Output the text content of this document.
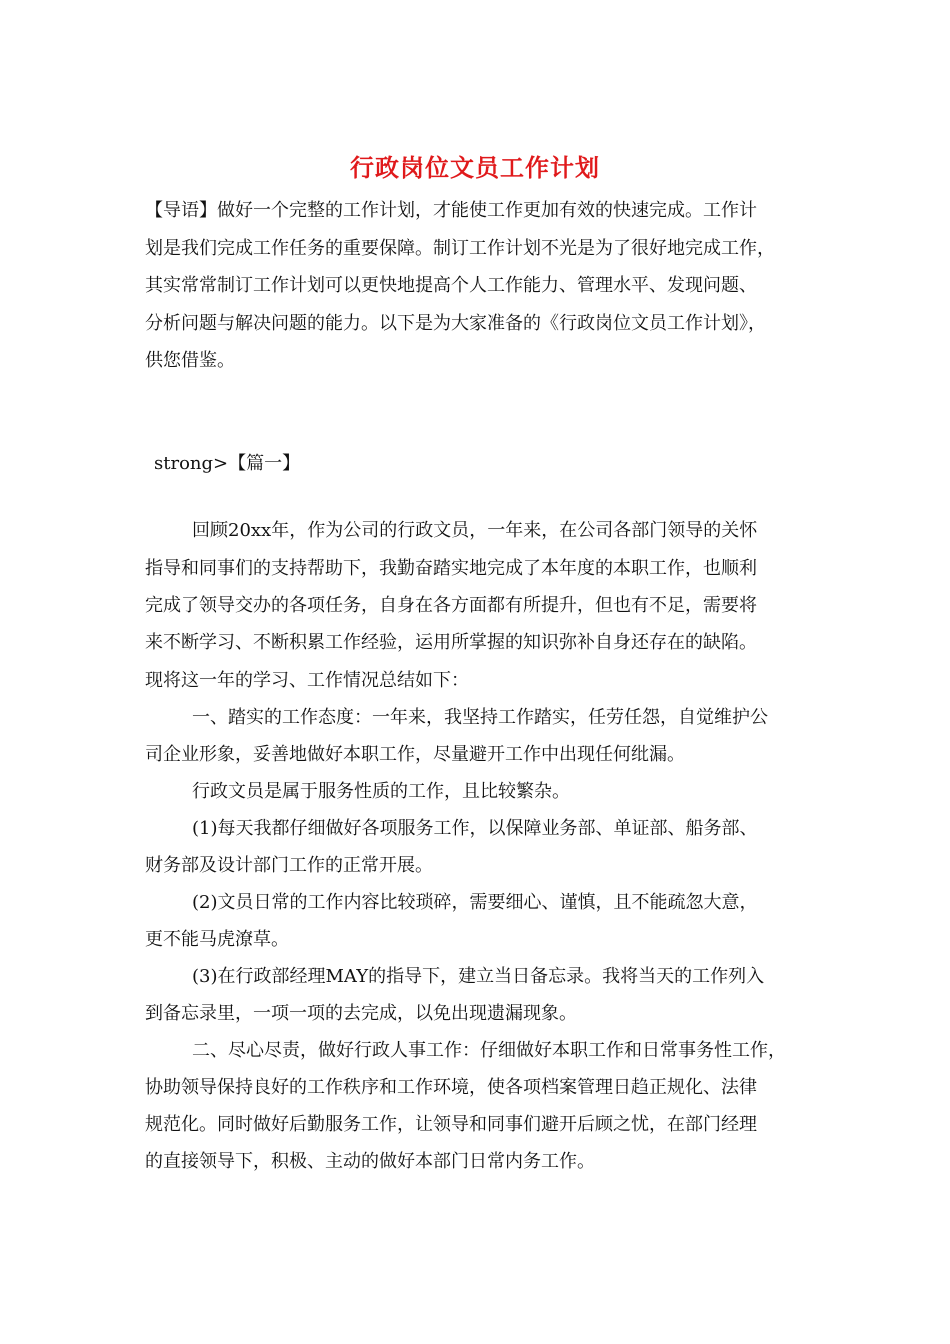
行政岗位文员工作计划
【导语】做好一个完整的工作计划，才能使工作更加有效的快速完成。工作计
划是我们完成工作任务的重要保障。制订工作计划不光是为了很好地完成工作，
其实常常制订工作计划可以更快地提高个人工作能力、管理水平、发现问题、
分析问题与解决问题的能力。以下是为大家准备的《行政岗位文员工作计划》，
供您借鉴。
strong>【篇一】
回顾20xx年，作为公司的行政文员，一年来，在公司各部门领导的关怀
指导和同事们的支持帮助下，我勤奋踏实地完成了本年度的本职工作，也顺利
完成了领导交办的各项任务，自身在各方面都有所提升，但也有不足，需要将
来不断学习、不断积累工作经验，运用所掌握的知识弥补自身还存在的缺陷。
现将这一年的学习、工作情况总结如下：
一、踏实的工作态度：一年来，我坚持工作踏实，任劳任怨，自觉维护公
司企业形象，妥善地做好本职工作，尽量避开工作中出现任何纰漏。
行政文员是属于服务性质的工作，且比较繁杂。
(1)每天我都仔细做好各项服务工作，以保障业务部、单证部、船务部、
财务部及设计部门工作的正常开展。
(2)文员日常的工作内容比较琐碎，需要细心、谨慎，且不能疏忽大意，
更不能马虎潦草。
(3)在行政部经理MAY的指导下，建立当日备忘录。我将当天的工作列入
到备忘录里，一项一项的去完成，以免出现遗漏现象。
二、尽心尽责，做好行政人事工作：仔细做好本职工作和日常事务性工作，
协助领导保持良好的工作秩序和工作环境，使各项档案管理日趋正规化、法律
规范化。同时做好后勤服务工作，让领导和同事们避开后顾之忧，在部门经理
的直接领导下，积极、主动的做好本部门日常内务工作。
